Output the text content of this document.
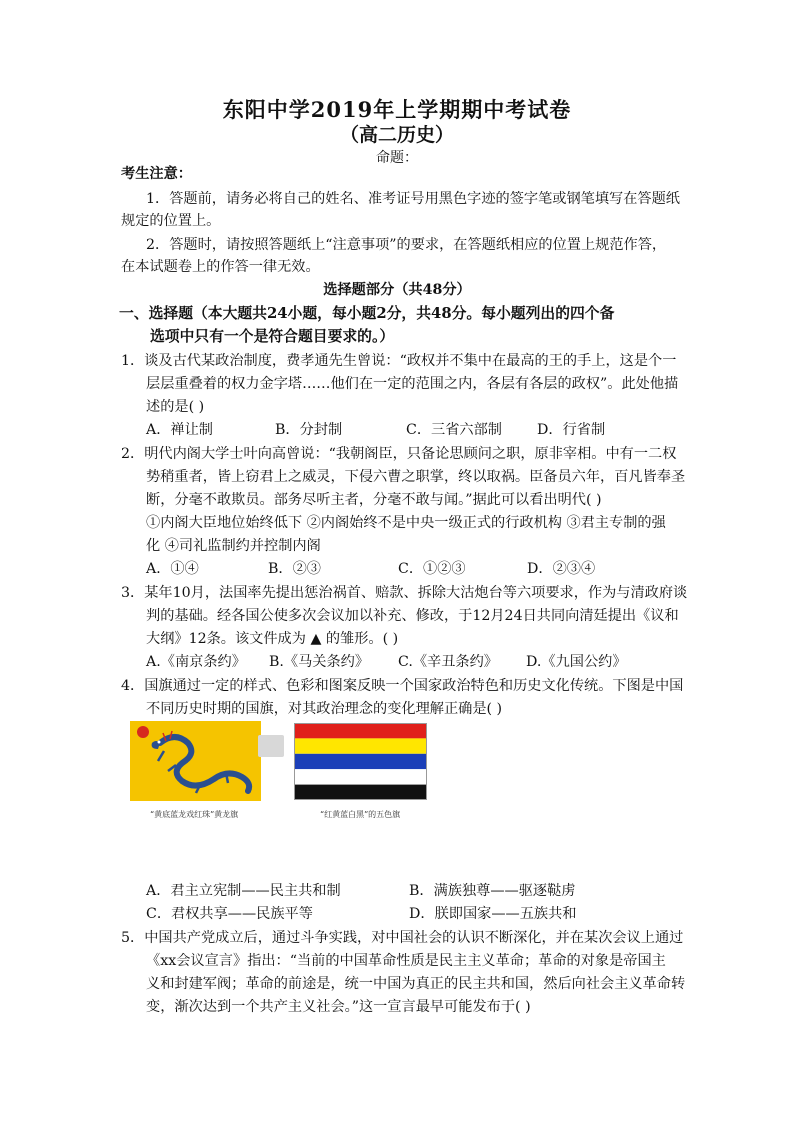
东阳中学2019年上学期期中考试卷
（高二历史）
命题：
考生注意：
1．答题前，请务必将自己的姓名、准考证号用黑色字迹的签字笔或钢笔填写在答题纸
规定的位置上。
2．答题时，请按照答题纸上“注意事项”的要求，在答题纸相应的位置上规范作答，
在本试题卷上的作答一律无效。
选择题部分（共48分）
一、选择题（本大题共24小题，每小题2分，共48分。每小题列出的四个备
选项中只有一个是符合题目要求的。）
1．谈及古代某政治制度，费孝通先生曾说：“政权并不集中在最高的王的手上，这是个一
层层重叠着的权力金字塔……他们在一定的范围之内，各层有各层的政权”。此处他描
述的是( )
A．禅让制	B．分封制	C．三省六部制 D．行省制
2．明代内阁大学士叶向高曾说：“我朝阁臣，只备论思顾问之职，原非宰相。中有一二权
势稍重者，皆上窃君上之威灵，下侵六曹之职掌，终以取祸。臣备员六年，百凡皆奉圣
断，分毫不敢欺员。部务尽听主者，分毫不敢与闻。”据此可以看出明代( )
①内阁大臣地位始终低下 ②内阁始终不是中央一级正式的行政机构 ③君主专制的强
化 ④司礼监制约并控制内阁
A．①④	B．②③	C．①②③	D．②③④
3．某年10月，法国率先提出惩治祸首、赔款、拆除大沽炮台等六项要求，作为与清政府谈
判的基础。经各国公使多次会议加以补充、修改，于12月24日共同向清廷提出《议和
大纲》12条。该文件成为 ▲ 的雏形。( )
A.《南京条约》 B.《马关条约》 C.《辛丑条约》 D.《九国公约》
4．国旗通过一定的样式、色彩和图案反映一个国家政治特色和历史文化传统。下图是中国
不同历史时期的国旗，对其政治理念的变化理解正确是( )
“黄底蓝龙戏红珠”黄龙旗	“红黄蓝白黑”的五色旗
A．君主立宪制——民主共和制	B．满族独尊——驱逐鞑虏
C．君权共享——民族平等	D．朕即国家——五族共和
5．中国共产党成立后，通过斗争实践，对中国社会的认识不断深化，并在某次会议上通过
《xx会议宣言》指出：“当前的中国革命性质是民主主义革命；革命的对象是帝国主
义和封建军阀；革命的前途是，统一中国为真正的民主共和国，然后向社会主义革命转
变，渐次达到一个共产主义社会。”这一宣言最早可能发布于( )
